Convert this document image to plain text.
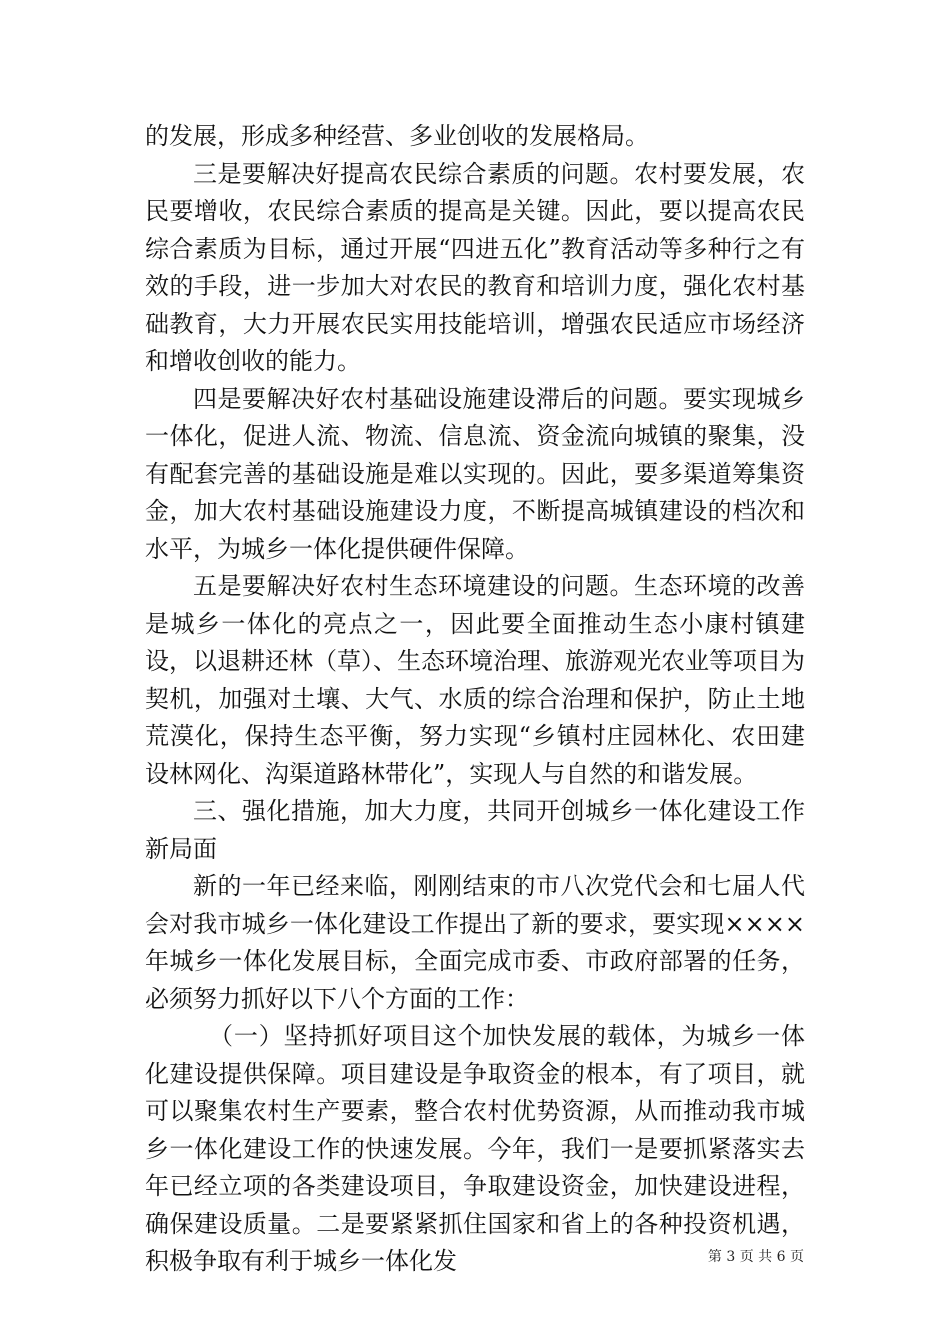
的发展，形成多种经营、多业创收的发展格局。

三是要解决好提高农民综合素质的问题。农村要发展，农民要增收，农民综合素质的提高是关键。因此，要以提高农民综合素质为目标，通过开展“四进五化”教育活动等多种行之有效的手段，进一步加大对农民的教育和培训力度，强化农村基础教育，大力开展农民实用技能培训，增强农民适应市场经济和增收创收的能力。

四是要解决好农村基础设施建设滞后的问题。要实现城乡一体化，促进人流、物流、信息流、资金流向城镇的聚集，没有配套完善的基础设施是难以实现的。因此，要多渠道筹集资金，加大农村基础设施建设力度，不断提高城镇建设的档次和水平，为城乡一体化提供硬件保障。

五是要解决好农村生态环境建设的问题。生态环境的改善是城乡一体化的亮点之一，因此要全面推动生态小康村镇建设，以退耕还林（草）、生态环境治理、旅游观光农业等项目为契机，加强对土壤、大气、水质的综合治理和保护，防止土地荒漠化，保持生态平衡，努力实现“乡镇村庄园林化、农田建设林网化、沟渠道路林带化”，实现人与自然的和谐发展。

三、强化措施，加大力度，共同开创城乡一体化建设工作新局面

新的一年已经来临，刚刚结束的市八次党代会和七届人代会对我市城乡一体化建设工作提出了新的要求，要实现××××年城乡一体化发展目标，全面完成市委、市政府部署的任务，必须努力抓好以下八个方面的工作：

（一）坚持抓好项目这个加快发展的载体，为城乡一体化建设提供保障。项目建设是争取资金的根本，有了项目，就可以聚集农村生产要素，整合农村优势资源，从而推动我市城乡一体化建设工作的快速发展。今年，我们一是要抓紧落实去年已经立项的各类建设项目，争取建设资金，加快建设进程，确保建设质量。二是要紧紧抓住国家和省上的各种投资机遇，积极争取有利于城乡一体化发	第 3 页 共 6 页
